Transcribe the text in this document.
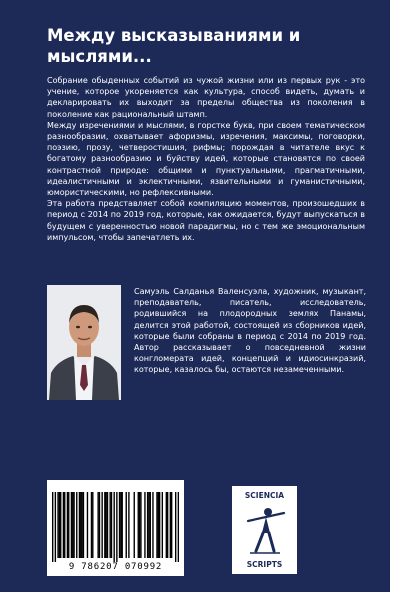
Между высказываниями и мыслями...

Собрание обыденных событий из чужой жизни или из первых рук - это учение, которое укореняется как культура, способ видеть, думать и декларировать их выходит за пределы общества из поколения в поколение как рациональный штамп.

Между изречениями и мыслями, в горстке букв, при своем тематическом разнообразии, охватывает афоризмы, изречения, максимы, поговорки, поэзию, прозу, четверостишия, рифмы; порождая в читателе вкус к богатому разнообразию и буйству идей, которые становятся по своей контрастной природе: общими и пунктуальными, прагматичными, идеалистичными и эклектичными, язвительными и гуманистичными, юмористическими, но рефлексивными.

Эта работа представляет собой компиляцию моментов, произошедших в период с 2014 по 2019 год, которые, как ожидается, будут выпускаться в будущем с уверенностью новой парадигмы, но с тем же эмоциональным импульсом, чтобы запечатлеть их.

Самуэль Салданья Валенсуэла, художник, музыкант, преподаватель, писатель, исследователь, родившийся на плодородных землях Панамы, делится этой работой, состоящей из сборников идей, которые были собраны в период с 2014 по 2019 год. Автор рассказывает о повседневной жизни конгломерата идей, концепций и идиосинкразий, которые, казалось бы, остаются незамеченными.

9 786207 070992
SCIENCIA
SCRIPTS
